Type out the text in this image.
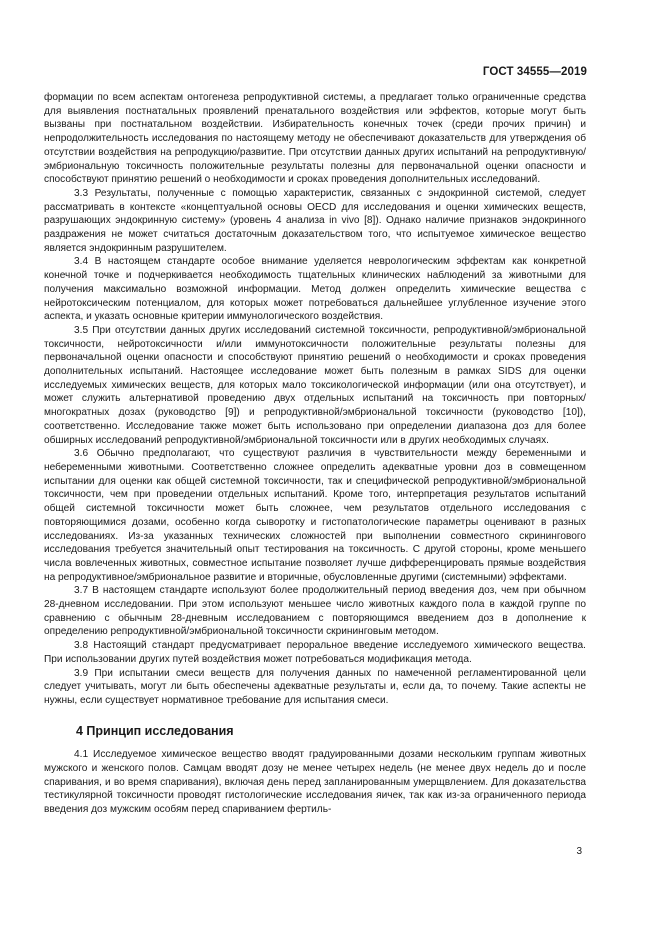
ГОСТ 34555—2019

формации по всем аспектам онтогенеза репродуктивной системы, а предлагает только ограниченные средства для выявления постнатальных проявлений пренатального воздействия или эффектов, которые могут быть вызваны при постнатальном воздействии. Избирательность конечных точек (среди прочих причин) и непродолжительность исследования по настоящему методу не обеспечивают доказательств для утверждения об отсутствии воздействия на репродукцию/развитие. При отсутствии данных других испытаний на репродуктивную/эмбриональную токсичность положительные результаты полезны для первоначальной оценки опасности и способствуют принятию решений о необходимости и сроках проведения дополнительных исследований.

3.3 Результаты, полученные с помощью характеристик, связанных с эндокринной системой, следует рассматривать в контексте «концептуальной основы OECD для исследования и оценки химических веществ, разрушающих эндокринную систему» (уровень 4 анализа in vivo [8]). Однако наличие признаков эндокринного раздражения не может считаться достаточным доказательством того, что испытуемое химическое вещество является эндокринным разрушителем.

3.4 В настоящем стандарте особое внимание уделяется неврологическим эффектам как конкретной конечной точке и подчеркивается необходимость тщательных клинических наблюдений за животными для получения максимально возможной информации. Метод должен определить химические вещества с нейротоксическим потенциалом, для которых может потребоваться дальнейшее углубленное изучение этого аспекта, и указать основные критерии иммунологического воздействия.

3.5 При отсутствии данных других исследований системной токсичности, репродуктивной/эмбриональной токсичности, нейротоксичности и/или иммунотоксичности положительные результаты полезны для первоначальной оценки опасности и способствуют принятию решений о необходимости и сроках проведения дополнительных испытаний. Настоящее исследование может быть полезным в рамках SIDS для оценки исследуемых химических веществ, для которых мало токсикологической информации (или она отсутствует), и может служить альтернативой проведению двух отдельных испытаний на токсичность при повторных/многократных дозах (руководство [9]) и репродуктивной/эмбриональной токсичности (руководство [10]), соответственно. Исследование также может быть использовано при определении диапазона доз для более обширных исследований репродуктивной/эмбриональной токсичности или в других необходимых случаях.

3.6 Обычно предполагают, что существуют различия в чувствительности между беременными и небеременными животными. Соответственно сложнее определить адекватные уровни доз в совмещенном испытании для оценки как общей системной токсичности, так и специфической репродуктивной/эмбриональной токсичности, чем при проведении отдельных испытаний. Кроме того, интерпретация результатов испытаний общей системной токсичности может быть сложнее, чем результатов отдельного исследования с повторяющимися дозами, особенно когда сыворотку и гистопатологические параметры оценивают в разных исследованиях. Из-за указанных технических сложностей при выполнении совместного скринингового исследования требуется значительный опыт тестирования на токсичность. С другой стороны, кроме меньшего числа вовлеченных животных, совместное испытание позволяет лучше дифференцировать прямые воздействия на репродуктивное/эмбриональное развитие и вторичные, обусловленные другими (системными) эффектами.

3.7 В настоящем стандарте используют более продолжительный период введения доз, чем при обычном 28-дневном исследовании. При этом используют меньшее число животных каждого пола в каждой группе по сравнению с обычным 28-дневным исследованием с повторяющимся введением доз в дополнение к определению репродуктивной/эмбриональной токсичности скрининговым методом.

3.8 Настоящий стандарт предусматривает пероральное введение исследуемого химического вещества. При использовании других путей воздействия может потребоваться модификация метода.

3.9 При испытании смеси веществ для получения данных по намеченной регламентированной цели следует учитывать, могут ли быть обеспечены адекватные результаты и, если да, то почему. Такие аспекты не нужны, если существует нормативное требование для испытания смеси.

4 Принцип исследования

4.1 Исследуемое химическое вещество вводят градуированными дозами нескольким группам животных мужского и женского полов. Самцам вводят дозу не менее четырех недель (не менее двух недель до и после спаривания, и во время спаривания), включая день перед запланированным умерщвлением. Для доказательства тестикулярной токсичности проводят гистологические исследования яичек, так как из-за ограниченного периода введения доз мужским особям перед спариванием фертиль-

3
